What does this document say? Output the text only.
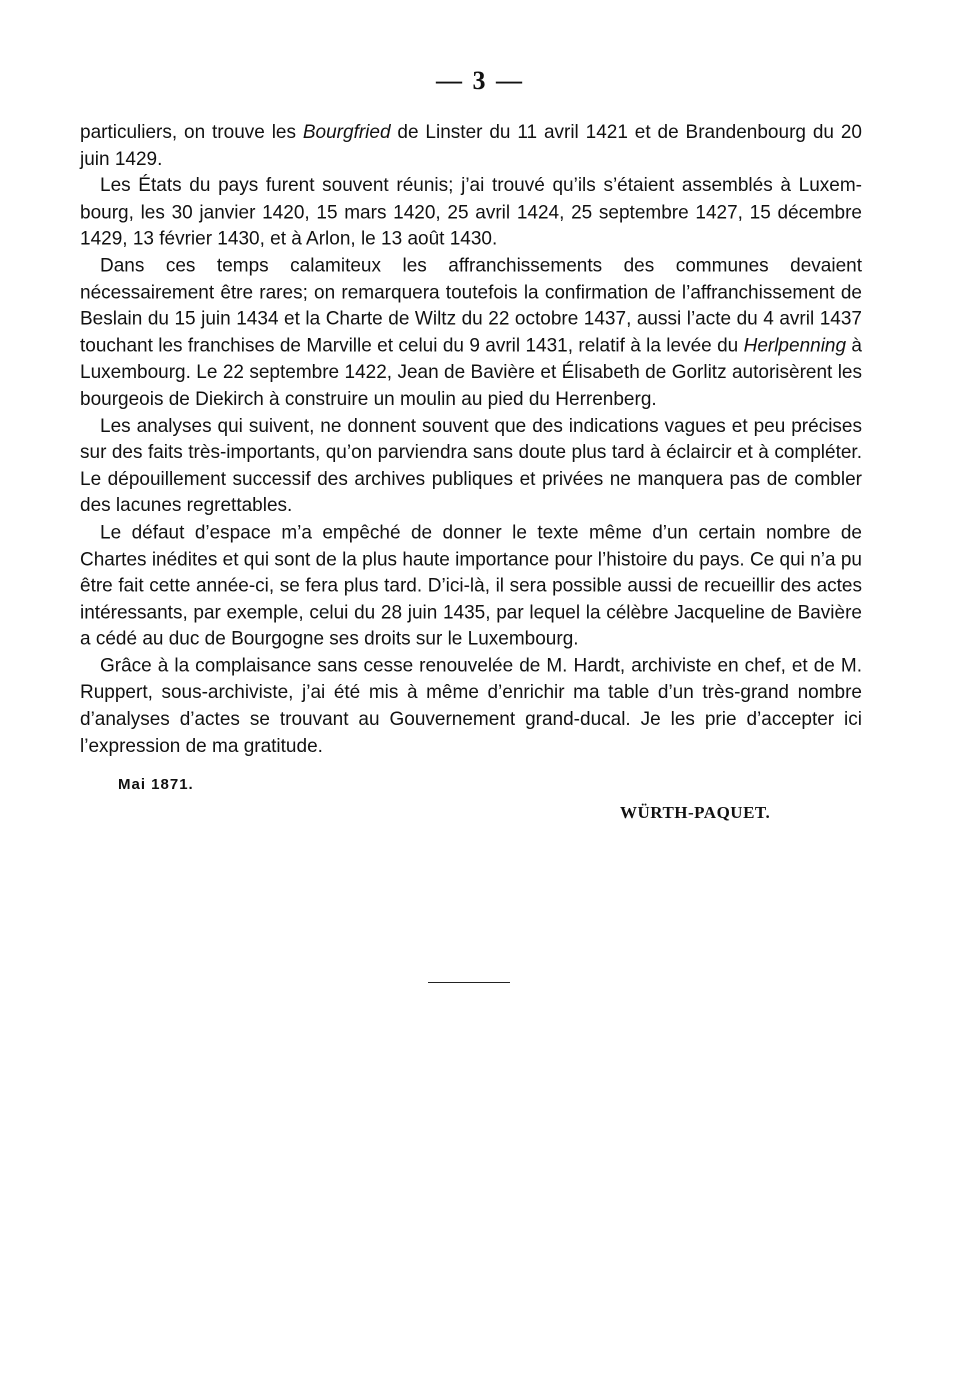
— 3 —

particuliers, on trouve les Bourgfried de Linster du 11 avril 1421 et de Brandenbourg du 20 juin 1429.

Les États du pays furent souvent réunis; j’ai trouvé qu’ils s’étaient assemblés à Luxem-bourg, les 30 janvier 1420, 15 mars 1420, 25 avril 1424, 25 septembre 1427, 15 décembre 1429, 13 février 1430, et à Arlon, le 13 août 1430.

Dans ces temps calamiteux les affranchissements des communes devaient nécessairement être rares; on remarquera toutefois la confirmation de l’affranchissement de Beslain du 15 juin 1434 et la Charte de Wiltz du 22 octobre 1437, aussi l’acte du 4 avril 1437 touchant les franchises de Marville et celui du 9 avril 1431, relatif à la levée du Herlpenning à Luxembourg. Le 22 septembre 1422, Jean de Bavière et Élisabeth de Gorlitz autorisèrent les bourgeois de Diekirch à construire un moulin au pied du Herrenberg.

Les analyses qui suivent, ne donnent souvent que des indications vagues et peu précises sur des faits très-importants, qu’on parviendra sans doute plus tard à éclaircir et à compléter. Le dépouillement successif des archives publiques et privées ne manquera pas de combler des lacunes regrettables.

Le défaut d’espace m’a empêché de donner le texte même d’un certain nombre de Chartes inédites et qui sont de la plus haute importance pour l’histoire du pays. Ce qui n’a pu être fait cette année-ci, se fera plus tard. D’ici-là, il sera possible aussi de recueillir des actes intéressants, par exemple, celui du 28 juin 1435, par lequel la célèbre Jacqueline de Bavière a cédé au duc de Bourgogne ses droits sur le Luxembourg.

Grâce à la complaisance sans cesse renouvelée de M. Hardt, archiviste en chef, et de M. Ruppert, sous-archiviste, j’ai été mis à même d’enrichir ma table d’un très-grand nombre d’analyses d’actes se trouvant au Gouvernement grand-ducal. Je les prie d’accepter ici l’expression de ma gratitude.

Mai 1871.
WÜRTH-PAQUET.
